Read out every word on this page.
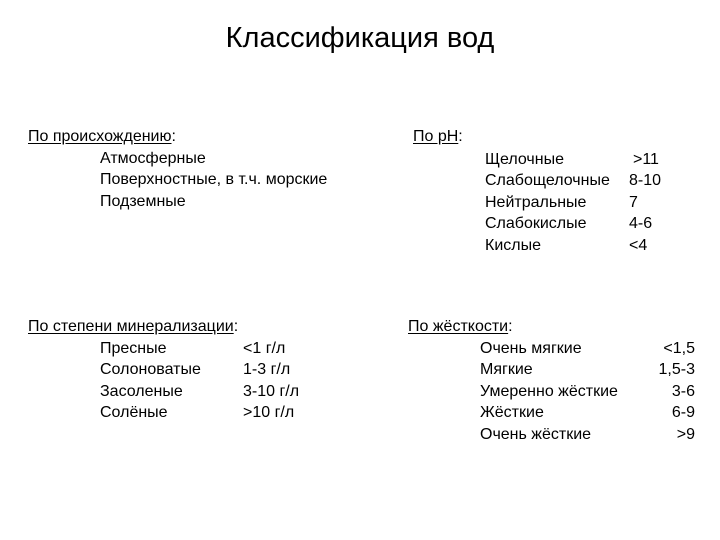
Классификация вод
По происхождению:
Атмосферные
Поверхностные, в т.ч. морские
Подземные
По pH:
Щелочные	>11
Слабощелочные	8-10
Нейтральные	7
Слабокислые	4-6
Кислые	<4
По степени минерализации:
Пресные	<1 г/л
Солоноватые	1-3 г/л
Засоленые	3-10 г/л
Солёные	>10 г/л
По жёсткости:
Очень мягкие	<1,5
Мягкие	1,5-3
Умеренно жёсткие	3-6
Жёсткие	6-9
Очень жёсткие	>9
